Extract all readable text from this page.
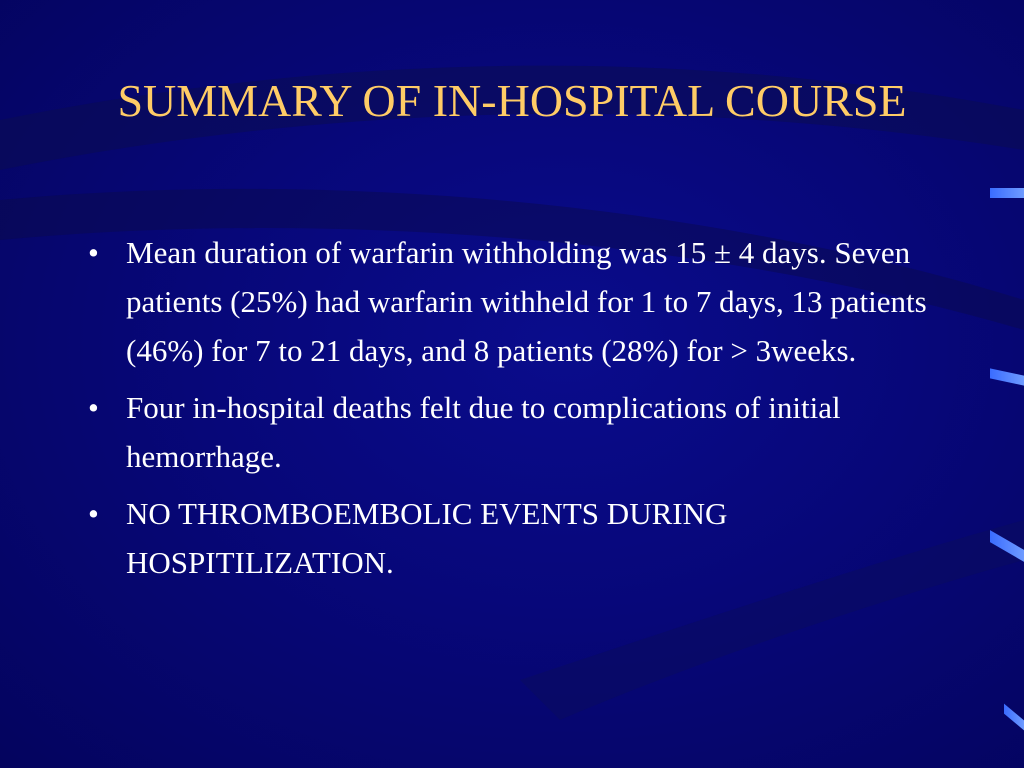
SUMMARY OF IN-HOSPITAL COURSE
• Mean duration of warfarin withholding was 15 ± 4 days. Seven patients (25%) had warfarin withheld for 1 to 7 days, 13 patients (46%) for 7 to 21 days, and 8 patients (28%) for > 3weeks.
• Four in-hospital deaths felt due to complications of initial hemorrhage.
• NO THROMBOEMBOLIC EVENTS DURING HOSPITILIZATION.
